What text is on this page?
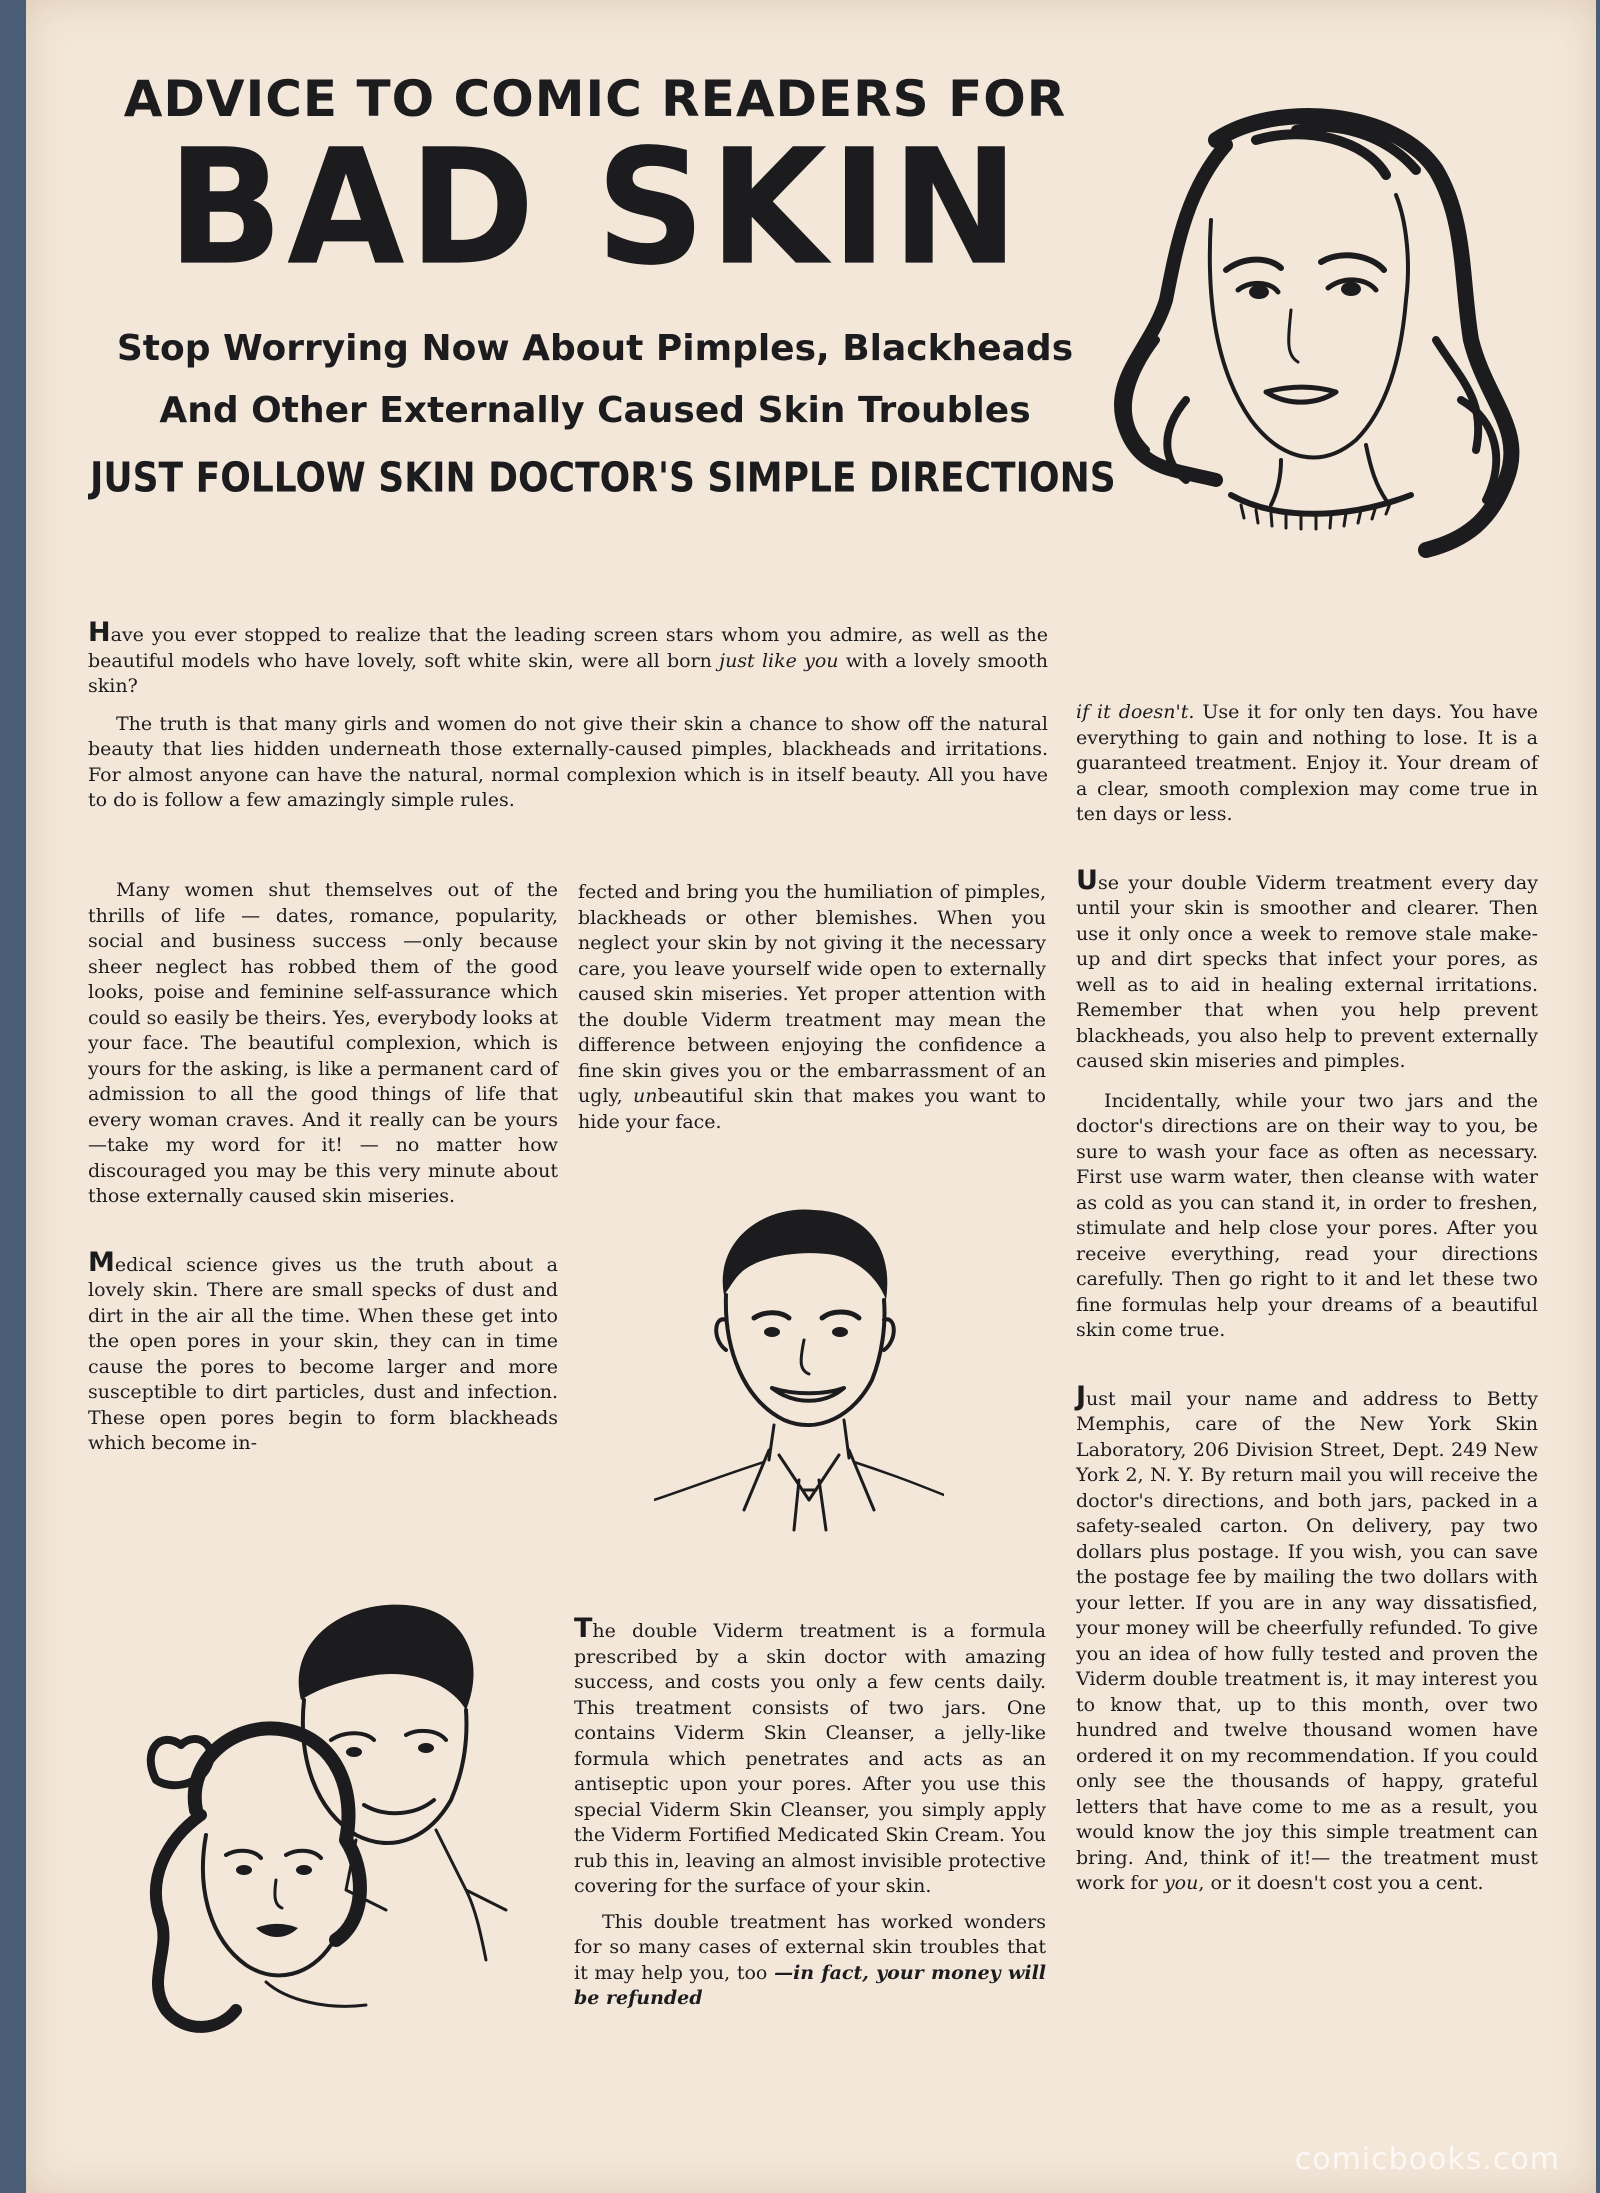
ADVICE TO COMIC READERS FOR
BAD SKIN
Stop Worrying Now About Pimples, Blackheads
And Other Externally Caused Skin Troubles
JUST FOLLOW SKIN DOCTOR'S SIMPLE DIRECTIONS

Have you ever stopped to realize that the leading screen stars whom you admire, as well as the beautiful models who have lovely, soft white skin, were all born just like you with a lovely smooth skin?

The truth is that many girls and women do not give their skin a chance to show off the natural beauty that lies hidden underneath those externally-caused pimples, blackheads and irritations. For almost anyone can have the natural, normal complexion which is in itself beauty. All you have to do is follow a few amazingly simple rules.

Many women shut themselves out of the thrills of life — dates, romance, popularity, social and business success —only because sheer neglect has robbed them of the good looks, poise and feminine self-assurance which could so easily be theirs. Yes, everybody looks at your face. The beautiful complexion, which is yours for the asking, is like a permanent card of admission to all the good things of life that every woman craves. And it really can be yours—take my word for it! — no matter how discouraged you may be this very minute about those externally caused skin miseries.

Medical science gives us the truth about a lovely skin. There are small specks of dust and dirt in the air all the time. When these get into the open pores in your skin, they can in time cause the pores to become larger and more susceptible to dirt particles, dust and infection. These open pores begin to form blackheads which become in-

fected and bring you the humiliation of pimples, blackheads or other blemishes. When you neglect your skin by not giving it the necessary care, you leave yourself wide open to externally caused skin miseries. Yet proper attention with the double Viderm treatment may mean the difference between enjoying the confidence a fine skin gives you or the embarrassment of an ugly, unbeautiful skin that makes you want to hide your face.

The double Viderm treatment is a formula prescribed by a skin doctor with amazing success, and costs you only a few cents daily. This treatment consists of two jars. One contains Viderm Skin Cleanser, a jelly-like formula which penetrates and acts as an antiseptic upon your pores. After you use this special Viderm Skin Cleanser, you simply apply the Viderm Fortified Medicated Skin Cream. You rub this in, leaving an almost invisible protective covering for the surface of your skin.

This double treatment has worked wonders for so many cases of external skin troubles that it may help you, too —in fact, your money will be refunded

if it doesn't. Use it for only ten days. You have everything to gain and nothing to lose. It is a guaranteed treatment. Enjoy it. Your dream of a clear, smooth complexion may come true in ten days or less.

Use your double Viderm treatment every day until your skin is smoother and clearer. Then use it only once a week to remove stale make-up and dirt specks that infect your pores, as well as to aid in healing external irritations. Remember that when you help prevent blackheads, you also help to prevent externally caused skin miseries and pimples.

Incidentally, while your two jars and the doctor's directions are on their way to you, be sure to wash your face as often as necessary. First use warm water, then cleanse with water as cold as you can stand it, in order to freshen, stimulate and help close your pores. After you receive everything, read your directions carefully. Then go right to it and let these two fine formulas help your dreams of a beautiful skin come true.

Just mail your name and address to Betty Memphis, care of the New York Skin Laboratory, 206 Division Street, Dept. 249 New York 2, N. Y. By return mail you will receive the doctor's directions, and both jars, packed in a safety-sealed carton. On delivery, pay two dollars plus postage. If you wish, you can save the postage fee by mailing the two dollars with your letter. If you are in any way dissatisfied, your money will be cheerfully refunded. To give you an idea of how fully tested and proven the Viderm double treatment is, it may interest you to know that, up to this month, over two hundred and twelve thousand women have ordered it on my recommendation. If you could only see the thousands of happy, grateful letters that have come to me as a result, you would know the joy this simple treatment can bring. And, think of it!— the treatment must work for you, or it doesn't cost you a cent.

comicbooks.com
